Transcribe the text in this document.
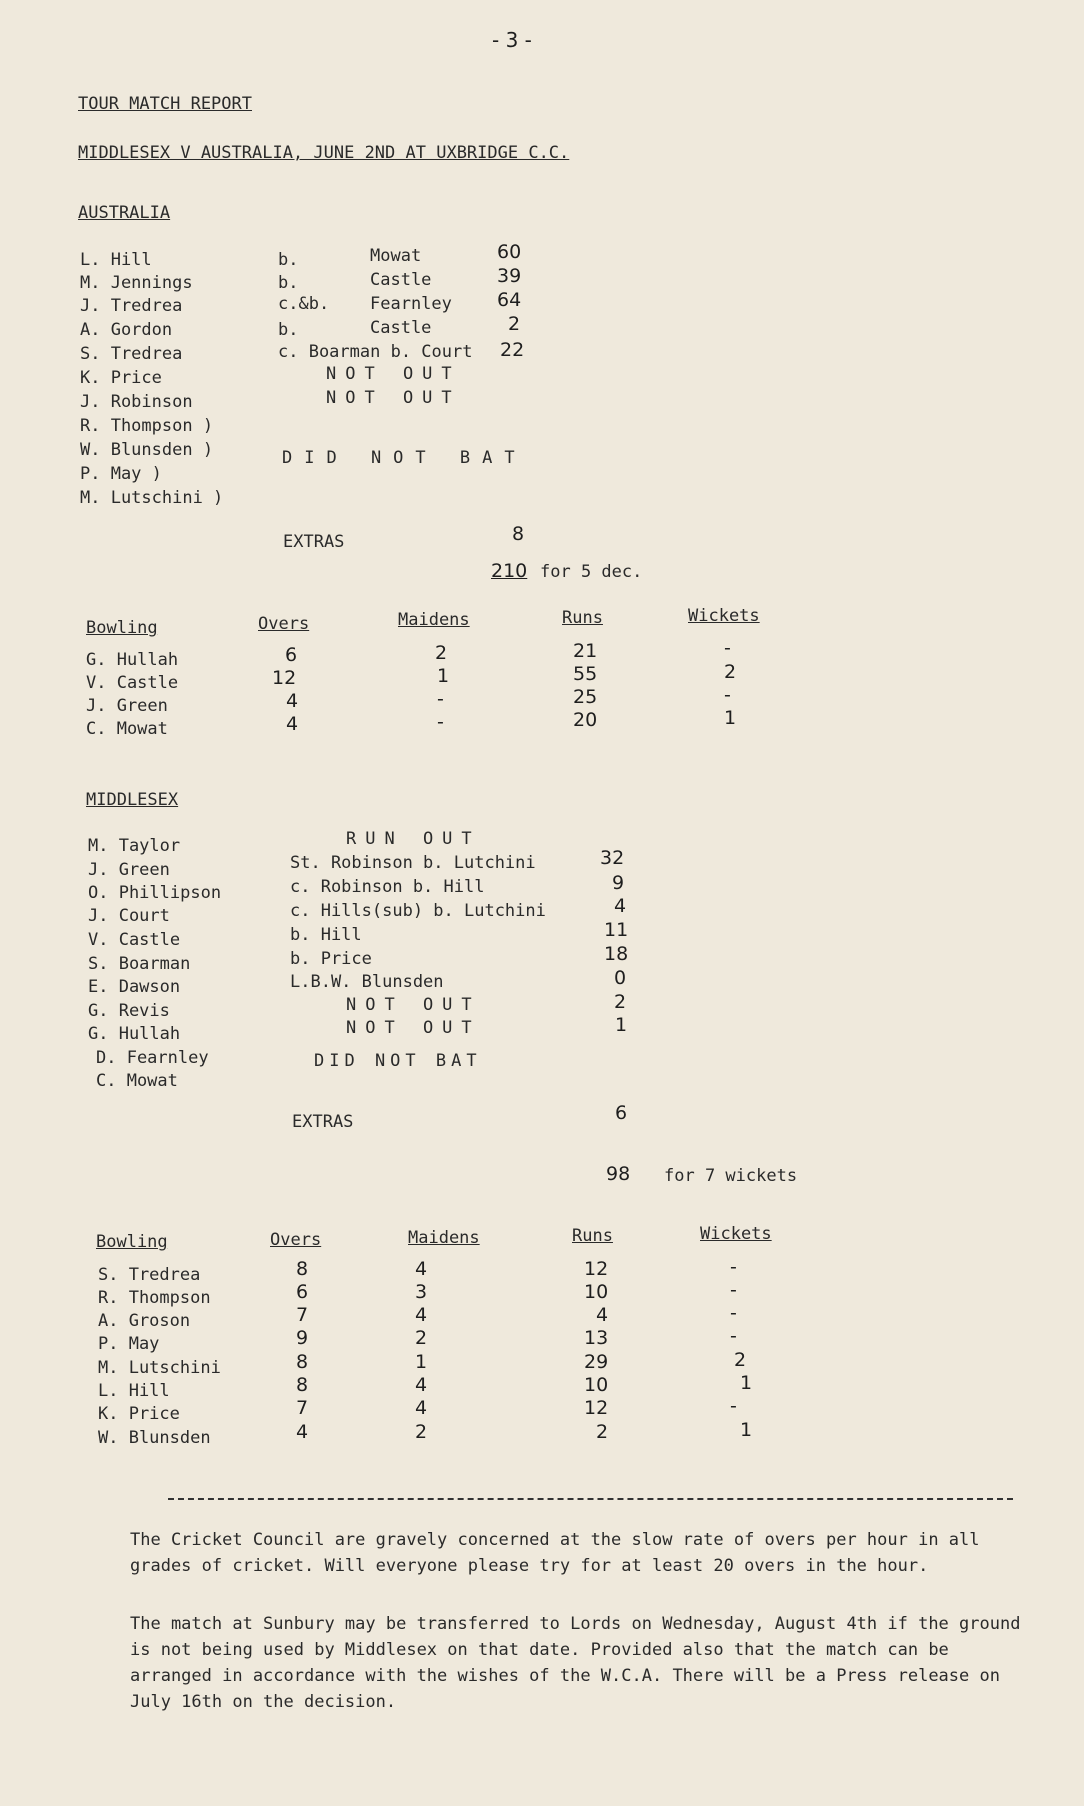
- 3 -
TOUR MATCH REPORT
MIDDLESEX V AUSTRALIA, JUNE 2ND AT UXBRIDGE C.C.
AUSTRALIA
L. Hill	b.	Mowat	60
M. Jennings	b.	Castle	39
J. Tredrea	c.&b. Fearnley 64
A. Gordon	b.	Castle	2
S. Tredrea	c. Boarman b. Court 22
K. Price	NOT OUT
J. Robinson	NOT OUT
R. Thompson )
W. Blunsden )	DID NOT BAT
P. May )
M. Lutschini )
EXTRAS	8
210 for 5 dec.
Bowling	Overs	Maidens	Runs	Wickets
G. Hullah	6	2	21	-
V. Castle	12	1	55	2
J. Green	4	-	25	-
C. Mowat	4	-	20	1
MIDDLESEX
M. Taylor	RUN OUT
J. Green	St. Robinson b. Lutchini	32
O. Phillipson	c. Robinson b. Hill	9
J. Court	c. Hills(sub) b. Lutchini	4
V. Castle	b. Hill	11
S. Boarman	b. Price	18
E. Dawson	L.B.W. Blunsden	0
G. Revis	NOT OUT	2
G. Hullah	NOT OUT	1
D. Fearnley	DID NOT BAT
C. Mowat
EXTRAS	6
98 for 7 wickets
Bowling	Overs	Maidens	Runs	Wickets
S. Tredrea	8	4	12	-
R. Thompson	6	3	10	-
A. Groson	7	4	4	-
P. May	9	2	13	-
M. Lutschini	8	1	29	2
L. Hill	8	4	10	1
K. Price	7	4	12	-
W. Blunsden	4	2	2	1
The Cricket Council are gravely concerned at the slow rate of overs per hour in all grades of cricket. Will everyone please try for at least 20 overs in the hour.
The match at Sunbury may be transferred to Lords on Wednesday, August 4th if the ground is not being used by Middlesex on that date. Provided also that the match can be arranged in accordance with the wishes of the W.C.A. There will be a Press release on July 16th on the decision.
